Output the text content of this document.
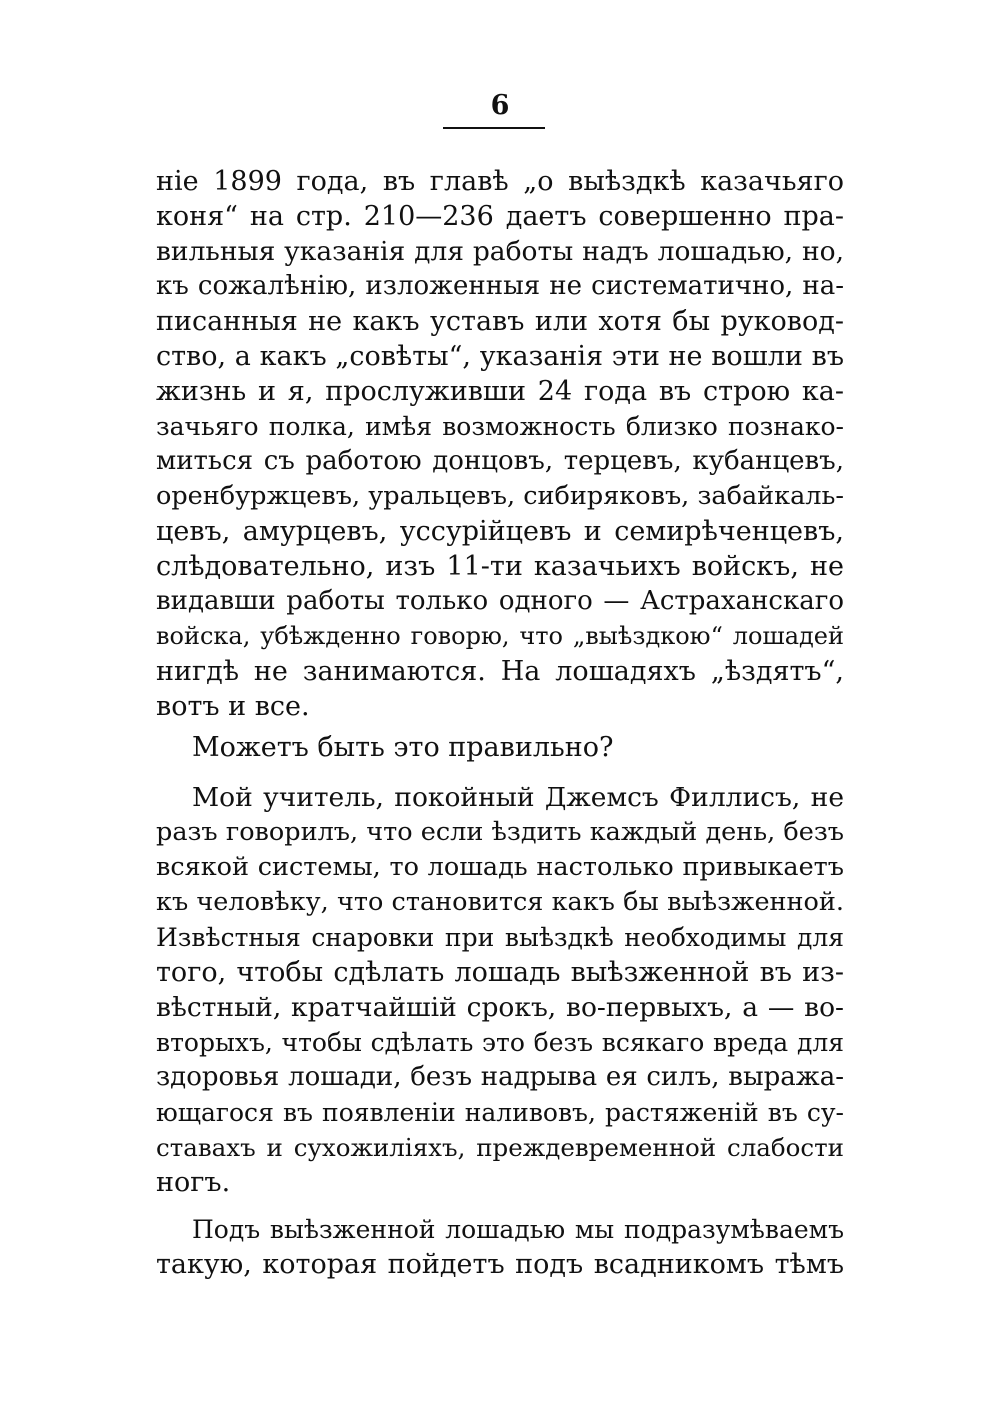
6
ніе 1899 года, въ главѣ „о выѣздкѣ казачьяго
коня“ на стр. 210—236 даетъ совершенно пра-
вильныя указанія для работы надъ лошадью, но,
къ сожалѣнію, изложенныя не систематично, на-
писанныя не какъ уставъ или хотя бы руковод-
ство, а какъ „совѣты“, указанія эти не вошли въ
жизнь и я, прослуживши 24 года въ строю ка-
зачьяго полка, имѣя возможность близко познако-
миться съ работою донцовъ, терцевъ, кубанцевъ,
оренбуржцевъ, уральцевъ, сибиряковъ, забайкаль-
цевъ, амурцевъ, уссурійцевъ и семирѣченцевъ,
слѣдовательно, изъ 11-ти казачьихъ войскъ, не
видавши работы только одного — Астраханскаго
войска, убѣжденно говорю, что „выѣздкою“ лошадей
нигдѣ не занимаются. На лошадяхъ „ѣздятъ“,
вотъ и все.
Можетъ быть это правильно?
Мой учитель, покойный Джемсъ Филлисъ, не
разъ говорилъ, что если ѣздить каждый день, безъ
всякой системы, то лошадь настолько привыкаетъ
къ человѣку, что становится какъ бы выѣзженной.
Извѣстныя снаровки при выѣздкѣ необходимы для
того, чтобы сдѣлать лошадь выѣзженной въ из-
вѣстный, кратчайшій срокъ, во-первыхъ, а — во-
вторыхъ, чтобы сдѣлать это безъ всякаго вреда для
здоровья лошади, безъ надрыва ея силъ, выража-
ющагося въ появленіи наливовъ, растяженій въ су-
ставахъ и сухожиліяхъ, преждевременной слабости
ногъ.
Подъ выѣзженной лошадью мы подразумѣваемъ
такую, которая пойдетъ подъ всадникомъ тѣмъ
